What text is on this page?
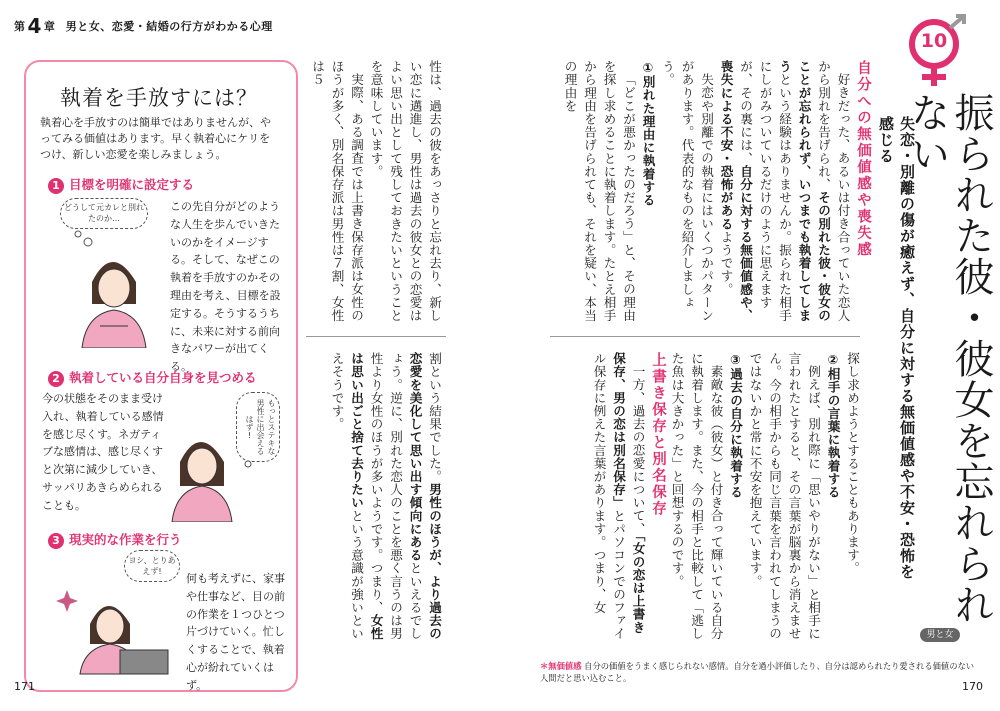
第 4 章 男と女、恋愛・結婚の行方がわかる心理
執着を手放すには？
執着心を手放すのは簡単ではありませんが、やってみる価値はあります。早く執着心にケリをつけ、新しい恋愛を楽しみましょう。
1 目標を明確に設定する
どうして元カレと別れたのか…
この先自分がどのような人生を歩んでいきたいのかをイメージする。そして、なぜこの執着を手放すのかその理由を考え、目標を設定する。そうするうちに、未来に対する前向きなパワーが出てくる。
2 執着している自分自身を見つめる
今の状態をそのまま受け入れ、執着している感情を感じ尽くす。ネガティブな感情は、感じ尽くすと次第に減少していき、サッパリあきらめられることも。
もっとステキな男性に出会えるはず!
3 現実的な作業を行う
ヨシ、とりあえず!
何も考えずに、家事や仕事など、目の前の作業を１つひとつ片づけていく。忙しくすることで、執着心が紛れていくはず。
171

性は、過去の彼をあっさりと忘れ去り、新しい恋に邁進し、男性は過去の彼女との恋愛はよい思い出として残しておきたいということを意味しています。

実際、ある調査では上書き保存派は女性のほうが多く、別名保存派は男性は７割、女性は５

割という結果でした。男性のほうが、より過去の恋愛を美化して思い出す傾向にあるといえるでしょう。逆に、別れた恋人のことを悪く言うのは男性より女性のほうが多いようです。つまり、女性は思い出ごと捨て去りたいという意識が強いといえそうです。

自分への無価値感や喪失感

好きだった、あるいは付き合っていた恋人から別れを告げられ、その別れた彼・彼女のことが忘れられず、いつまでも執着してしまうという経験はありませんか。振られた相手にしがみついているだけのように思えますが、その裏には、自分に対する無価値感や、喪失による不安・恐怖があるようです。

失恋や別離での執着にはいくつかパターンがあります。代表的なものを紹介しましょう。

①別れた理由に執着する

「どこが悪かったのだろう」と、その理由を探し求めることに執着します。たとえ相手から理由を告げられても、それを疑い、本当の理由を

探し求めようとすることもあります。

②相手の言葉に執着する

例えば、別れ際に「思いやりがない」と相手に言われたとすると、その言葉が脳裏から消えません。今の相手からも同じ言葉を言われてしまうのではないかと常に不安を抱えています。

③過去の自分に執着する

素敵な彼（彼女）と付き合って輝いている自分に執着します。また、今の相手と比較して「逃した魚は大きかった」と回想するのです。

上書き保存と別名保存

一方、過去の恋愛について、「女の恋は上書き保存、男の恋は別名保存」とパソコンでのファイル保存に例えた言葉があります。つまり、女

10
振られた彼・彼女を忘れられない
失恋・別離の傷が癒えず、自分に対する無価値感や不安・恐怖を感じる
男と女
＊無価値感 自分の価値をうまく感じられない感情。自分を過小評価したり、自分は認められたり愛される価値のない人間だと思い込むこと。
170
